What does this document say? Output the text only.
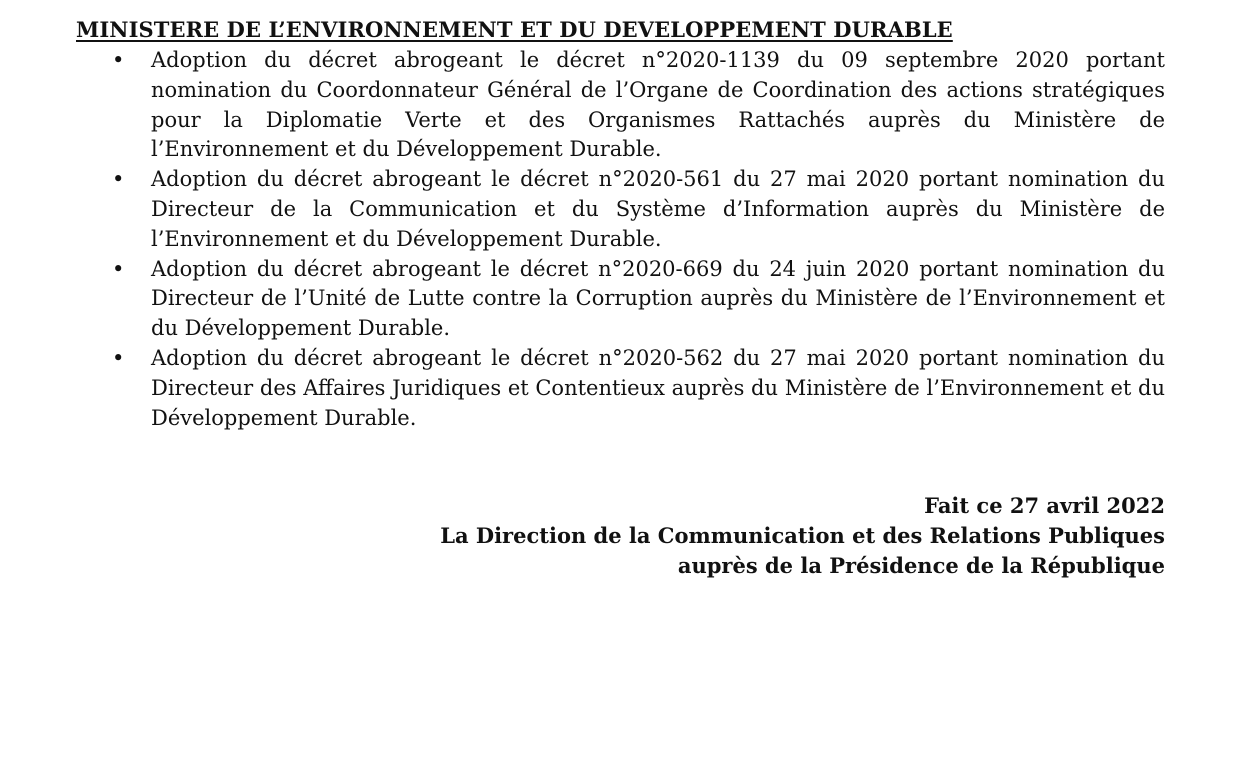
MINISTERE DE L’ENVIRONNEMENT ET DU DEVELOPPEMENT DURABLE
• Adoption du décret abrogeant le décret n°2020-1139 du 09 septembre 2020 portant nomination du Coordonnateur Général de l’Organe de Coordination des actions stratégiques pour la Diplomatie Verte et des Organismes Rattachés auprès du Ministère de l’Environnement et du Développement Durable.
• Adoption du décret abrogeant le décret n°2020-561 du 27 mai 2020 portant nomination du Directeur de la Communication et du Système d’Information auprès du Ministère de l’Environnement et du Développement Durable.
• Adoption du décret abrogeant le décret n°2020-669 du 24 juin 2020 portant nomination du Directeur de l’Unité de Lutte contre la Corruption auprès du Ministère de l’Environnement et du Développement Durable.
• Adoption du décret abrogeant le décret n°2020-562 du 27 mai 2020 portant nomination du Directeur des Affaires Juridiques et Contentieux auprès du Ministère de l’Environnement et du Développement Durable.
Fait ce 27 avril 2022
La Direction de la Communication et des Relations Publiques
auprès de la Présidence de la République
